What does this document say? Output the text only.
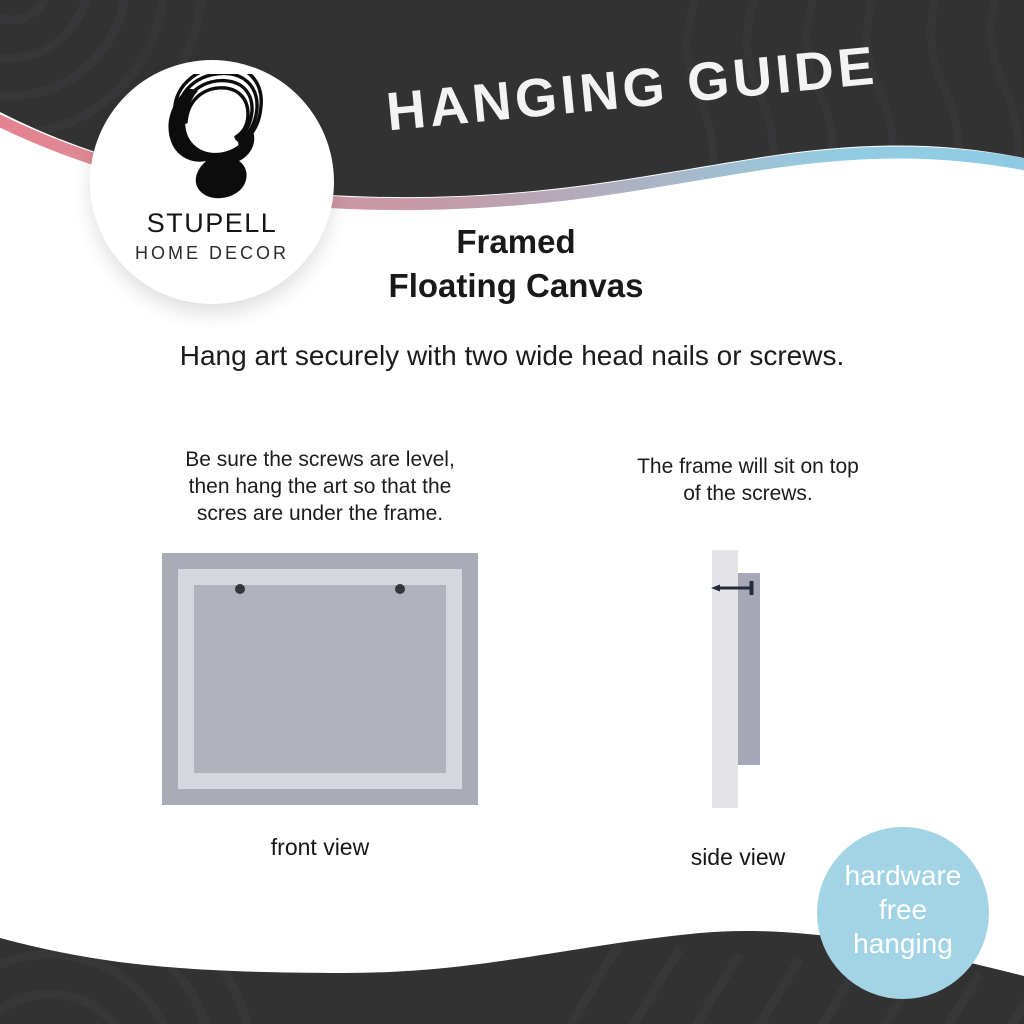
HANGING GUIDE
STUPELL
HOME DECOR	Framed
Floating Canvas
Hang art securely with two wide head nails or screws.
Be sure the screws are level,
then hang the art so that the
scres are under the frame.
The frame will sit on top
of the screws.
front view	side view
hardware
free
hanging
